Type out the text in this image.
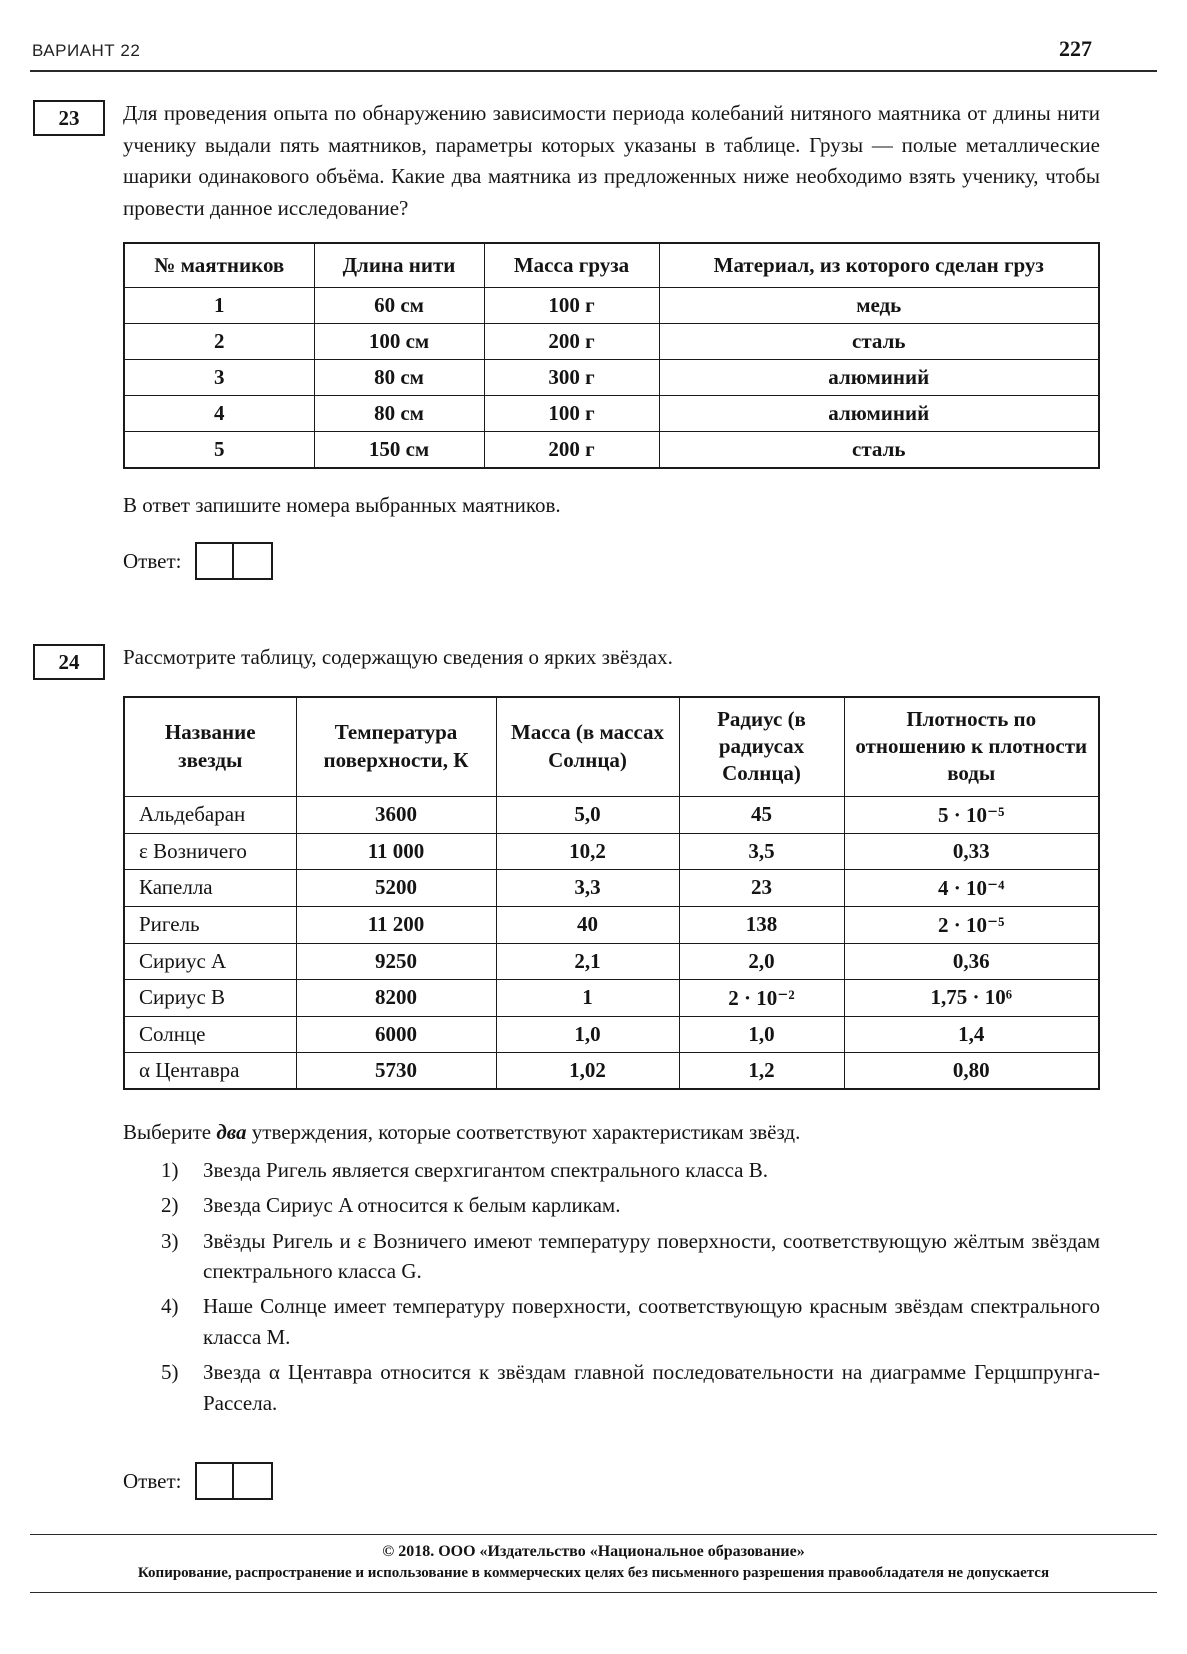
ВАРИАНТ 22	227
23 Для проведения опыта по обнаружению зависимости периода колебаний нитяного маятника от длины нити ученику выдали пять маятников, параметры которых указаны в таблице. Грузы — полые металлические шарики одинакового объёма. Какие два маятника из предложенных ниже необходимо взять ученику, чтобы провести данное исследование?

№ маятников	Длина нити	Масса груза	Материал, из которого сделан груз
1	60 см	100 г	медь
2	100 см	200 г	сталь
3	80 см	300 г	алюминий
4	80 см	100 г	алюминий
5	150 см	200 г	сталь

В ответ запишите номера выбранных маятников.

Ответ:
24 Рассмотрите таблицу, содержащую сведения о ярких звёздах.

Название звезды	Температура поверхности, К	Масса (в массах Солнца)	Радиус (в радиусах Солнца)	Плотность по отношению к плотности воды
Альдебаран	3600	5,0	45	5 · 10⁻⁵
ε Возничего	11 000	10,2	3,5	0,33
Капелла	5200	3,3	23	4 · 10⁻⁴
Ригель	11 200	40	138	2 · 10⁻⁵
Сириус A	9250	2,1	2,0	0,36
Сириус B	8200	1	2 · 10⁻²	1,75 · 10⁶
Солнце	6000	1,0	1,0	1,4
α Центавра	5730	1,02	1,2	0,80

Выберите два утверждения, которые соответствуют характеристикам звёзд.

1)	Звезда Ригель является сверхгигантом спектрального класса B.
2)	Звезда Сириус A относится к белым карликам.
3)	Звёзды Ригель и ε Возничего имеют температуру поверхности, соответствующую жёлтым звёздам спектрального класса G.
4)	Наше Солнце имеет температуру поверхности, соответствующую красным звёздам спектрального класса M.
5)	Звезда α Центавра относится к звёздам главной последовательности на диаграмме Герцшпрунга-Рассела.
Ответ:
© 2018. ООО «Издательство «Национальное образование»
Копирование, распространение и использование в коммерческих целях без письменного разрешения правообладателя не допускается
